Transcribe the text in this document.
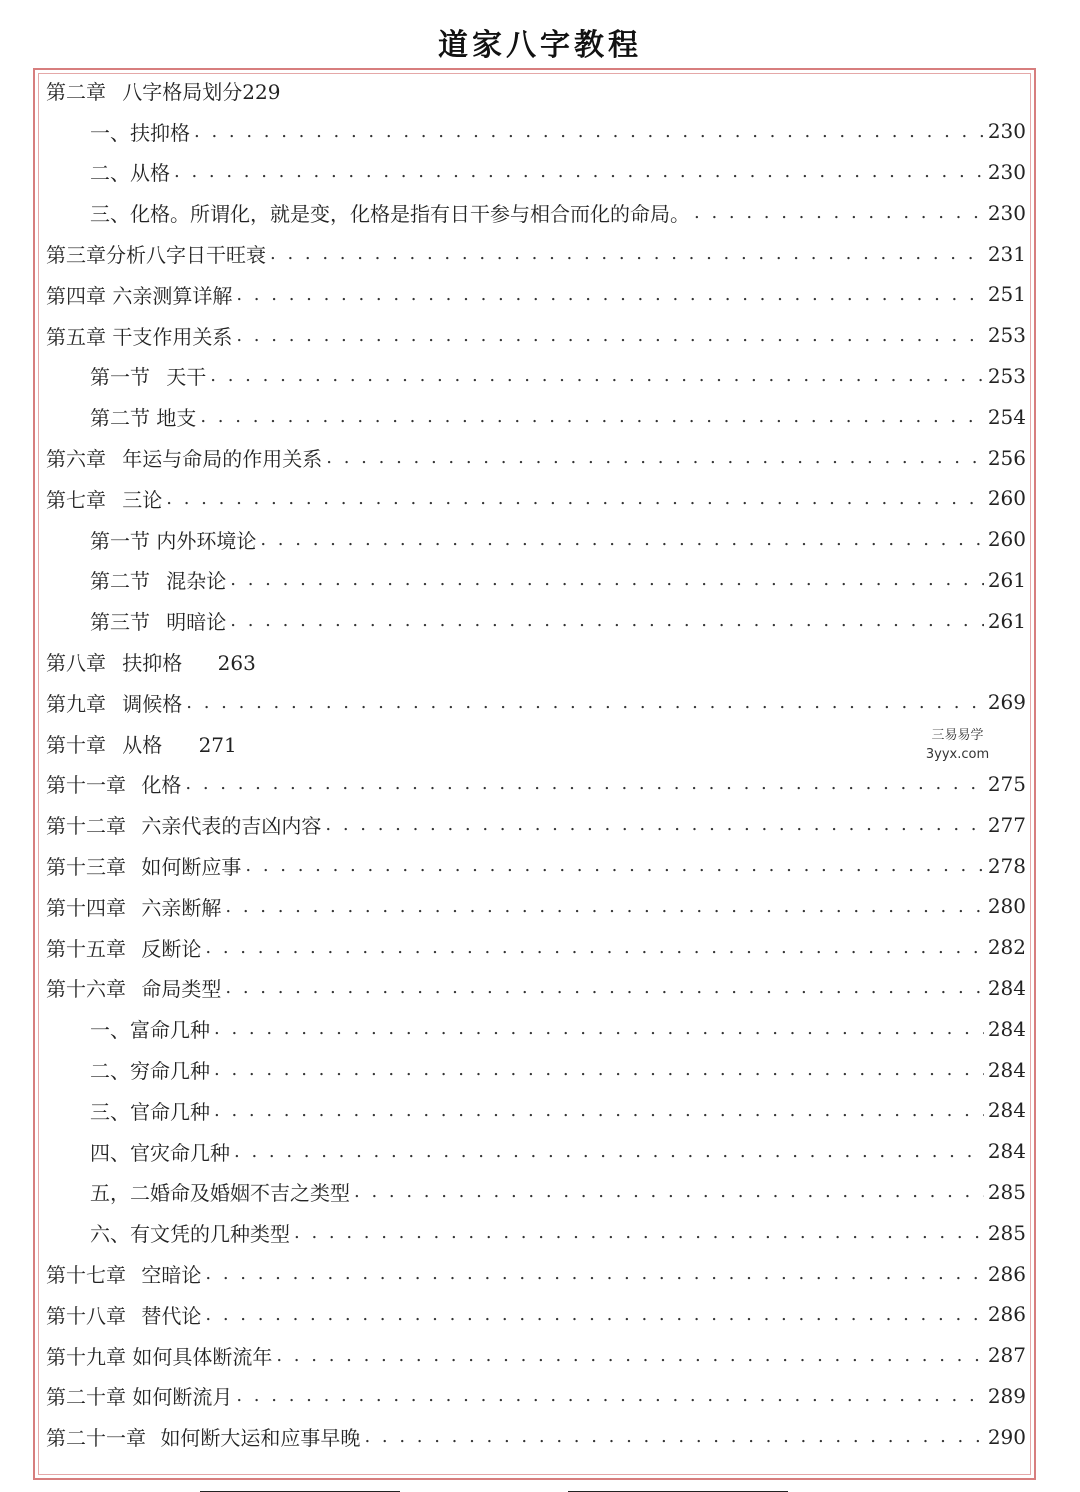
道家八字教程
第二章	八字格局划分229
一、扶抑格 . . .	230
二、从格 . . .	230
三、化格。所谓化，就是变，化格是指有日干参与相合而化的命局。 . . .	230
第三章分析八字日干旺衰 . . .	231
第四章 六亲测算详解 . . .	251
第五章 干支作用关系 . . .	253
第一节	天干 . . .	253
第二节 地支 . . .	254
第六章	年运与命局的作用关系 . . .	256
第七章	三论 . . .	260
第一节 内外环境论 . . .	260
第二节	混杂论 . . .	261
第三节	明暗论 . . .	261
第八章	扶抑格		263
第九章	调候格 . . .	269
第十章	从格		271
第十一章	化格 . . .	275
第十二章	六亲代表的吉凶内容 . . .	277
第十三章	如何断应事 . . .	278
第十四章	六亲断解 . . .	280
第十五章	反断论 . . .	282
第十六章	命局类型 . . .	284
一、富命几种 . . .	284
二、穷命几种 . . .	284
三、官命几种 . . .	284
四、官灾命几种 . . .	284
五，二婚命及婚姻不吉之类型 . . .	285
六、有文凭的几种类型 . . .	285
第十七章	空暗论 . . .	286
第十八章	替代论 . . .	286
第十九章 如何具体断流年 . . .	287
第二十章 如何断流月 . . .	289
第二十一章	如何断大运和应事早晚 . . .	290
三易易学
3yyx.com
